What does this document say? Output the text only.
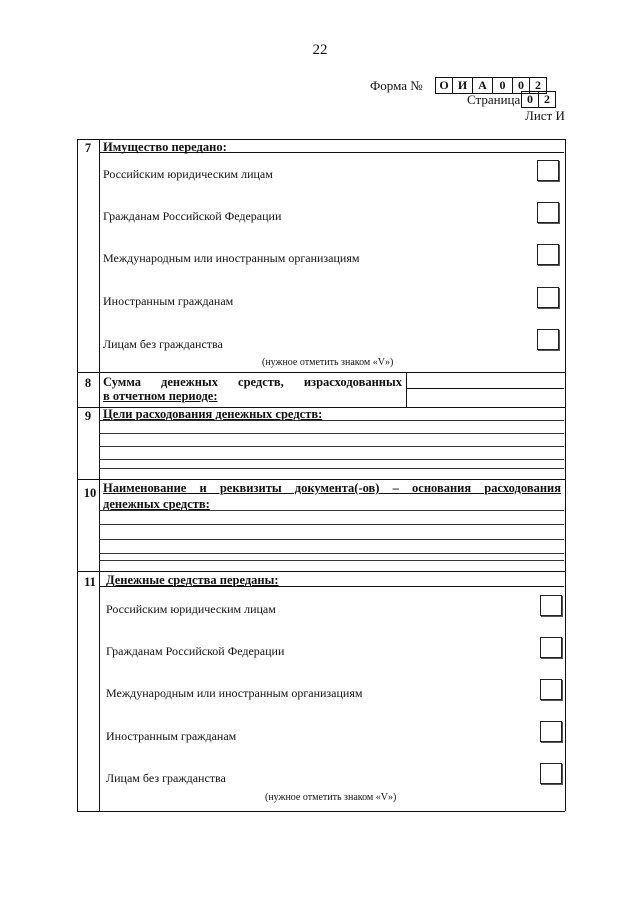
22
Форма № О	И	А	0	0	2
Страница 0	2
Лист И
7 Имущество передано:
Российским юридическим лицам
Гражданам Российской Федерации
Международным или иностранным организациям
Иностранным гражданам
Лицам без гражданства
(нужное отметить знаком «V»)
8 Сумма денежных средств, израсходованных
в отчетном периоде:
9 Цели расходования денежных средств:
10 Наименование и реквизиты документа(-ов) – основания расходования
денежных средств:
11 Денежные средства переданы:
Российским юридическим лицам
Гражданам Российской Федерации
Международным или иностранным организациям
Иностранным гражданам
Лицам без гражданства
(нужное отметить знаком «V»)
